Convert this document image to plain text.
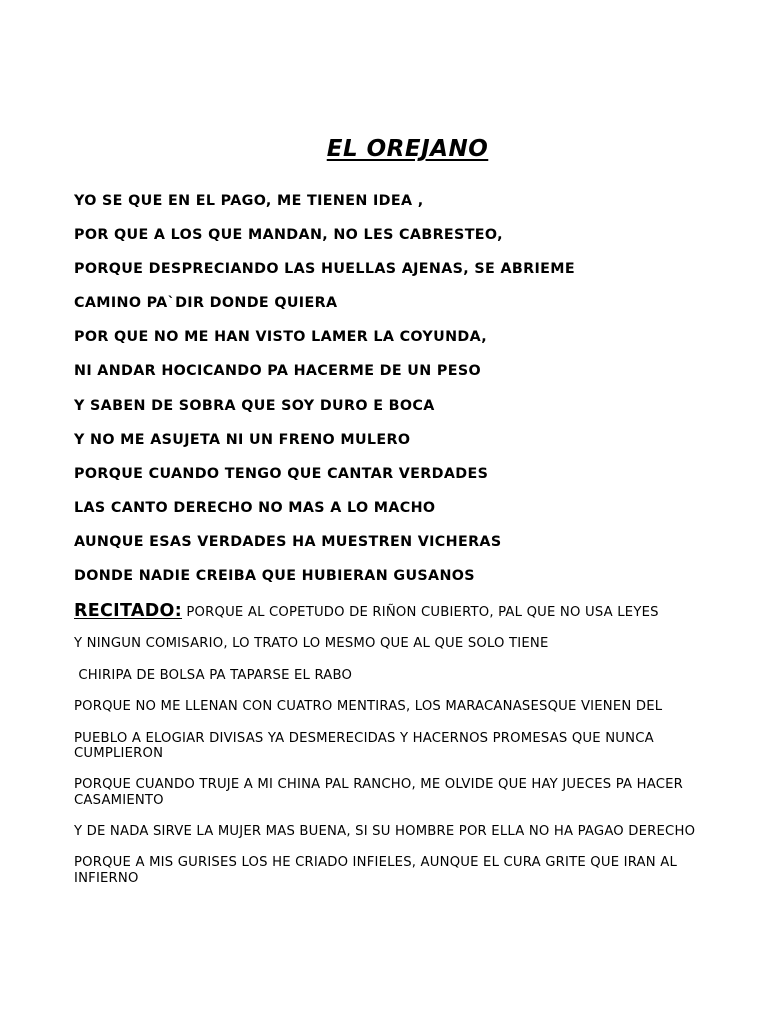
EL OREJANO
YO SE QUE EN EL PAGO, ME TIENEN IDEA ,
POR QUE A LOS QUE MANDAN, NO LES CABRESTEO,
PORQUE DESPRECIANDO LAS HUELLAS AJENAS, SE ABRIEME
CAMINO PA`DIR DONDE QUIERA
POR QUE NO ME HAN VISTO LAMER LA COYUNDA,
NI ANDAR HOCICANDO PA HACERME DE UN PESO
Y SABEN DE SOBRA QUE SOY DURO E BOCA
Y NO ME ASUJETA NI UN FRENO MULERO
PORQUE CUANDO TENGO QUE CANTAR VERDADES
LAS CANTO DERECHO NO MAS A LO MACHO
AUNQUE ESAS VERDADES HA MUESTREN VICHERAS
DONDE NADIE CREIBA QUE HUBIERAN GUSANOS

RECITADO: PORQUE AL COPETUDO DE RIÑON CUBIERTO, PAL QUE NO USA LEYES

Y NINGUN COMISARIO, LO TRATO LO MESMO QUE AL QUE SOLO TIENE

CHIRIPA DE BOLSA PA TAPARSE EL RABO

PORQUE NO ME LLENAN CON CUATRO MENTIRAS, LOS MARACANASESQUE VIENEN DEL

PUEBLO A ELOGIAR DIVISAS YA DESMERECIDAS Y HACERNOS PROMESAS QUE NUNCA CUMPLIERON

PORQUE CUANDO TRUJE A MI CHINA PAL RANCHO, ME OLVIDE QUE HAY JUECES PA HACER CASAMIENTO

Y DE NADA SIRVE LA MUJER MAS BUENA, SI SU HOMBRE POR ELLA NO HA PAGAO DERECHO

PORQUE A MIS GURISES LOS HE CRIADO INFIELES, AUNQUE EL CURA GRITE QUE IRAN AL INFIERNO
